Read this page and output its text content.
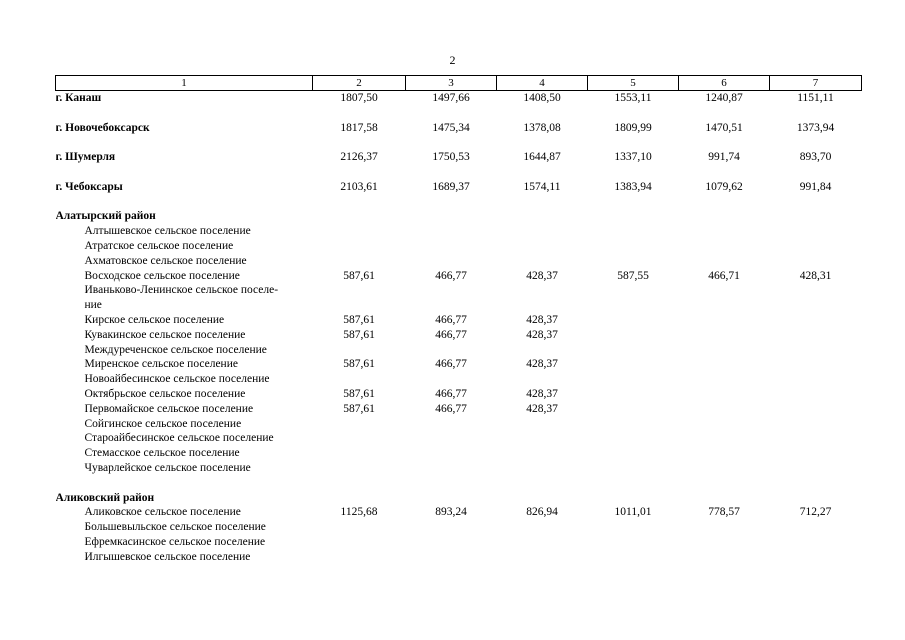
2
1	2	3	4	5	6	7
г. Канаш	1807,50	1497,66	1408,50	1553,11	1240,87	1151,11

г. Новочебоксарск	1817,58	1475,34	1378,08	1809,99	1470,51	1373,94

г. Шумерля	2126,37	1750,53	1644,87	1337,10	991,74	893,70

г. Чебоксары	2103,61	1689,37	1574,11	1383,94	1079,62	991,84

Алатырский район						
Алтышевское сельское поселение						
Атратское сельское поселение						
Ахматовское сельское поселение						
Восходское сельское поселение	587,61	466,77	428,37	587,55	466,71	428,31
Иваньково-Ленинское сельское поселе-						
ние						
Кирское сельское поселение	587,61	466,77	428,37			
Кувакинское сельское поселение	587,61	466,77	428,37			
Междуреченское сельское поселение						
Миренское сельское поселение	587,61	466,77	428,37			
Новоайбесинское сельское поселение						
Октябрьское сельское поселение	587,61	466,77	428,37			
Первомайское сельское поселение	587,61	466,77	428,37			
Сойгинское сельское поселение						
Староайбесинское сельское поселение						
Стемасское сельское поселение						
Чуварлейское сельское поселение						

Аликовский район						
Аликовское сельское поселение	1125,68	893,24	826,94	1011,01	778,57	712,27
Большевыльское сельское поселение						
Ефремкасинское сельское поселение						
Илгышевское сельское поселение						
